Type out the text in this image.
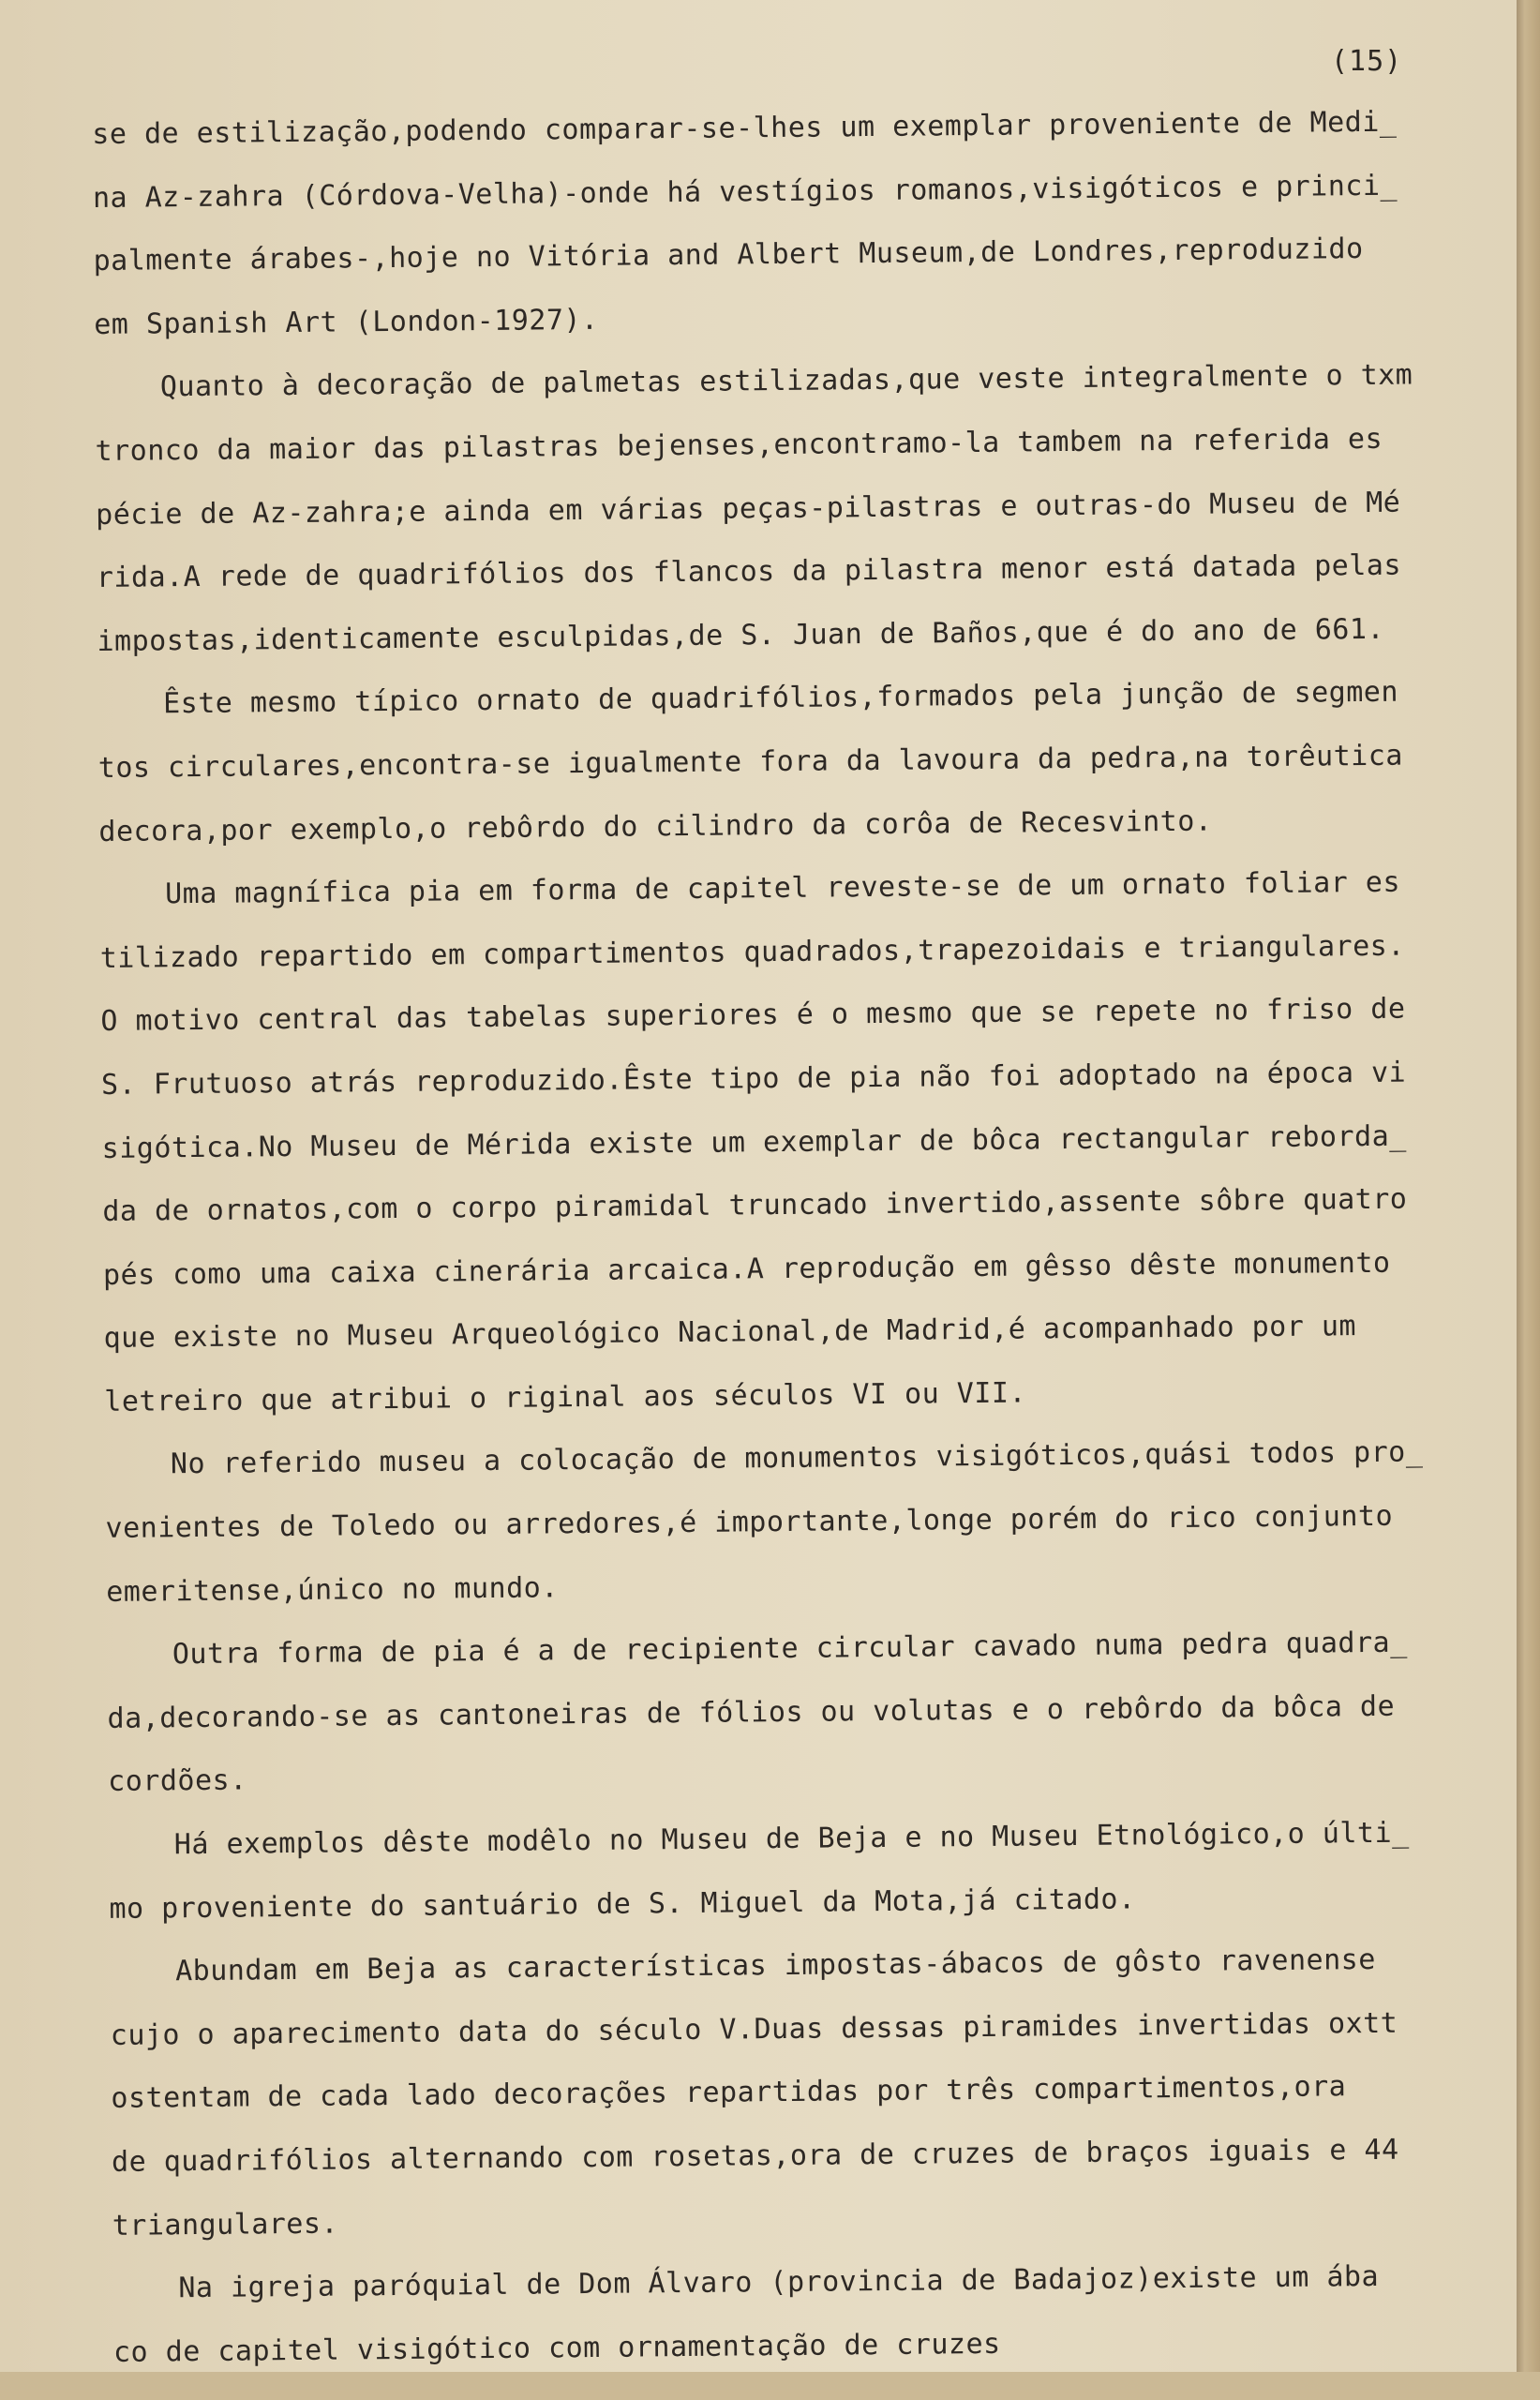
(15)
se de estilização,podendo comparar-se-lhes um exemplar proveniente de Medi_
na Az-zahra (Córdova-Velha)-onde há vestígios romanos,visigóticos e princi_
palmente árabes-,hoje no Vitória and Albert Museum,de Londres,reproduzido
em Spanish Art (London-1927).
Quanto à decoração de palmetas estilizadas,que veste integralmente o txm
tronco da maior das pilastras bejenses,encontramo-la tambem na referida es
pécie de Az-zahra;e ainda em várias peças-pilastras e outras-do Museu de Mé
rida.A rede de quadrifólios dos flancos da pilastra menor está datada pelas
impostas,identicamente esculpidas,de S. Juan de Baños,que é do ano de 661.
Êste mesmo típico ornato de quadrifólios,formados pela junção de segmen
tos circulares,encontra-se igualmente fora da lavoura da pedra,na torêutica
decora,por exemplo,o rebôrdo do cilindro da corôa de Recesvinto.
Uma magnífica pia em forma de capitel reveste-se de um ornato foliar es
tilizado repartido em compartimentos quadrados,trapezoidais e triangulares.
O motivo central das tabelas superiores é o mesmo que se repete no friso de
S. Frutuoso atrás reproduzido.Êste tipo de pia não foi adoptado na época vi
sigótica.No Museu de Mérida existe um exemplar de bôca rectangular reborda_
da de ornatos,com o corpo piramidal truncado invertido,assente sôbre quatro
pés como uma caixa cinerária arcaica.A reprodução em gêsso dêste monumento
que existe no Museu Arqueológico Nacional,de Madrid,é acompanhado por um
letreiro que atribui o riginal aos séculos VI ou VII.
No referido museu a colocação de monumentos visigóticos,quási todos pro_
venientes de Toledo ou arredores,é importante,longe porém do rico conjunto
emeritense,único no mundo.
Outra forma de pia é a de recipiente circular cavado numa pedra quadra_
da,decorando-se as cantoneiras de fólios ou volutas e o rebôrdo da bôca de
cordões.
Há exemplos dêste modêlo no Museu de Beja e no Museu Etnológico,o últi_
mo proveniente do santuário de S. Miguel da Mota,já citado.
Abundam em Beja as características impostas-ábacos de gôsto ravenense
cujo o aparecimento data do século V.Duas dessas piramides invertidas oxtt
ostentam de cada lado decorações repartidas por três compartimentos,ora
de quadrifólios alternando com rosetas,ora de cruzes de braços iguais e 44
triangulares.
Na igreja paróquial de Dom Álvaro (provincia de Badajoz)existe um ába
co de capitel visigótico com ornamentação de cruzes
